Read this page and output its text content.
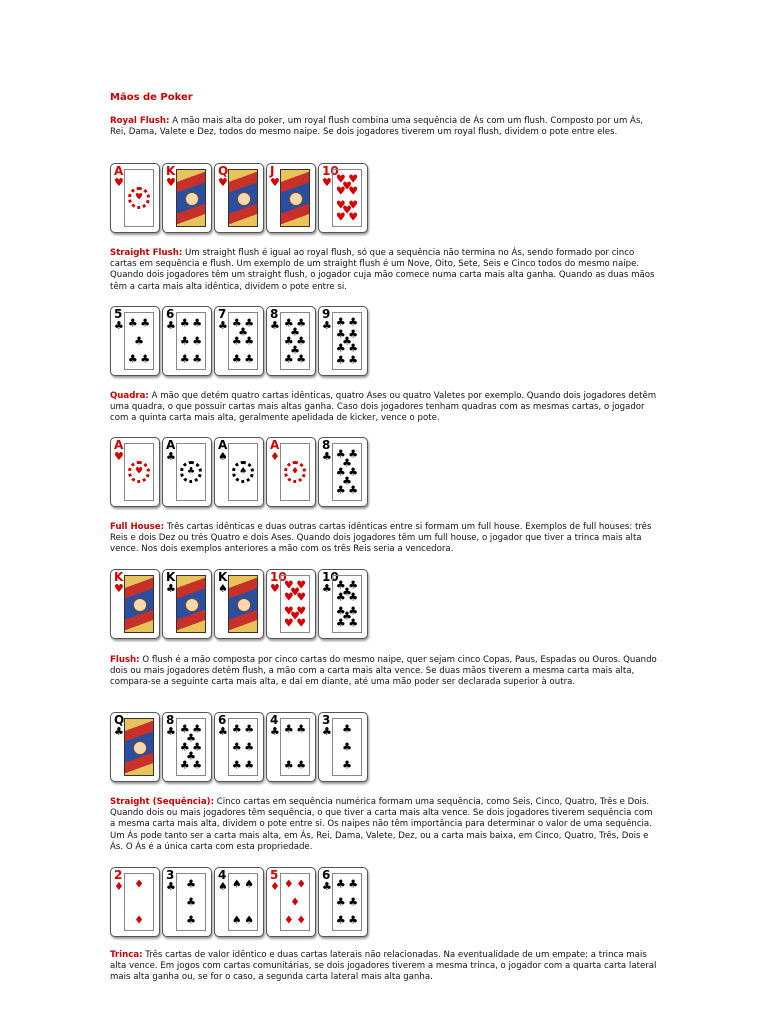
Mãos de Poker
Royal Flush: A mão mais alta do poker, um royal flush combina uma sequência de Ás com um flush. Composto por um Ás, Rei, Dama, Valete e Dez, todos do mesmo naipe. Se dois jogadores tiverem um royal flush, dividem o pote entre eles.
A
♥
♥
K
♥
Q
♥
J
♥
10
♥ ♥ ♥
♥
♥ ♥
♥ ♥
♥
♥ ♥
Straight Flush: Um straight flush é igual ao royal flush, só que a sequência não termina no Ás, sendo formado por cinco cartas em sequência e flush. Um exemplo de um straight flush é um Nove, Oito, Sete, Seis e Cinco todos do mesmo naipe. Quando dois jogadores têm um straight flush, o jogador cuja mão comece numa carta mais alta ganha. Quando as duas mãos têm a carta mais alta idêntica, dividem o pote entre si.
5
♣ ♣ ♣
♣
♣ ♣
6
♣ ♣ ♣
♣ ♣
♣ ♣
7
♣ ♣ ♣
♣
♣ ♣
♣ ♣
8
♣ ♣ ♣
♣
♣ ♣
♣
♣ ♣
9
♣ ♣ ♣
♣ ♣
♣
♣ ♣
♣ ♣
Quadra: A mão que detém quatro cartas idênticas, quatro Ases ou quatro Valetes por exemplo. Quando dois jogadores detêm uma quadra, o que possuir cartas mais altas ganha. Caso dois jogadores tenham quadras com as mesmas cartas, o jogador com a quinta carta mais alta, geralmente apelidada de kicker, vence o pote.
A
♥
♥
A
♣
♣
A
♠
♠
A
♦
♦
8
♣ ♣ ♣
♣
♣ ♣
♣
♣ ♣
Full House: Três cartas idênticas e duas outras cartas idênticas entre si formam um full house. Exemplos de full houses: três Reis e dois Dez ou três Quatro e dois Ases. Quando dois jogadores têm um full house, o jogador que tiver a trinca mais alta vence. Nos dois exemplos anteriores a mão com os três Reis seria a vencedora.
K
♥
K
♣
K
♠
10
♥ ♥ ♥
♥
♥ ♥
♥ ♥
♥
♥ ♥
10
♣ ♣ ♣
♣
♣ ♣
♣ ♣
♣
♣ ♣
Flush: O flush é a mão composta por cinco cartas do mesmo naipe, quer sejam cinco Copas, Paus, Espadas ou Ouros. Quando dois ou mais jogadores detêm flush, a mão com a carta mais alta vence. Se duas mãos tiverem a mesma carta mais alta, compara-se a seguinte carta mais alta, e daí em diante, até uma mão poder ser declarada superior à outra.
Q
♣
8
♣ ♣ ♣
♣
♣ ♣
♣
♣ ♣
6
♣ ♣ ♣
♣ ♣
♣ ♣
4
♣ ♣ ♣
♣ ♣
3
♣ ♣
♣
♣
Straight (Sequência): Cinco cartas em sequência numérica formam uma sequência, como Seis, Cinco, Quatro, Três e Dois. Quando dois ou mais jogadores têm sequência, o que tiver a carta mais alta vence. Se dois jogadores tiverem sequência com a mesma carta mais alta, dividem o pote entre si. Os naipes não têm importância para determinar o valor de uma sequência. Um Ás pode tanto ser a carta mais alta, em Ás, Rei, Dama, Valete, Dez, ou a carta mais baixa, em Cinco, Quatro, Três, Dois e Ás. O Ás é a única carta com esta propriedade.
2
♦ ♦
♦
3
♣ ♣
♣
♣
4
♠ ♠ ♠
♠ ♠
5
♦ ♦ ♦
♦
♦ ♦
6
♣ ♣ ♣
♣ ♣
♣ ♣
Trinca: Três cartas de valor idêntico e duas cartas laterais não relacionadas. Na eventualidade de um empate: a trinca mais alta vence. Em jogos com cartas comunitárias, se dois jogadores tiverem a mesma trinca, o jogador com a quarta carta lateral mais alta ganha ou, se for o caso, a segunda carta lateral mais alta ganha.
